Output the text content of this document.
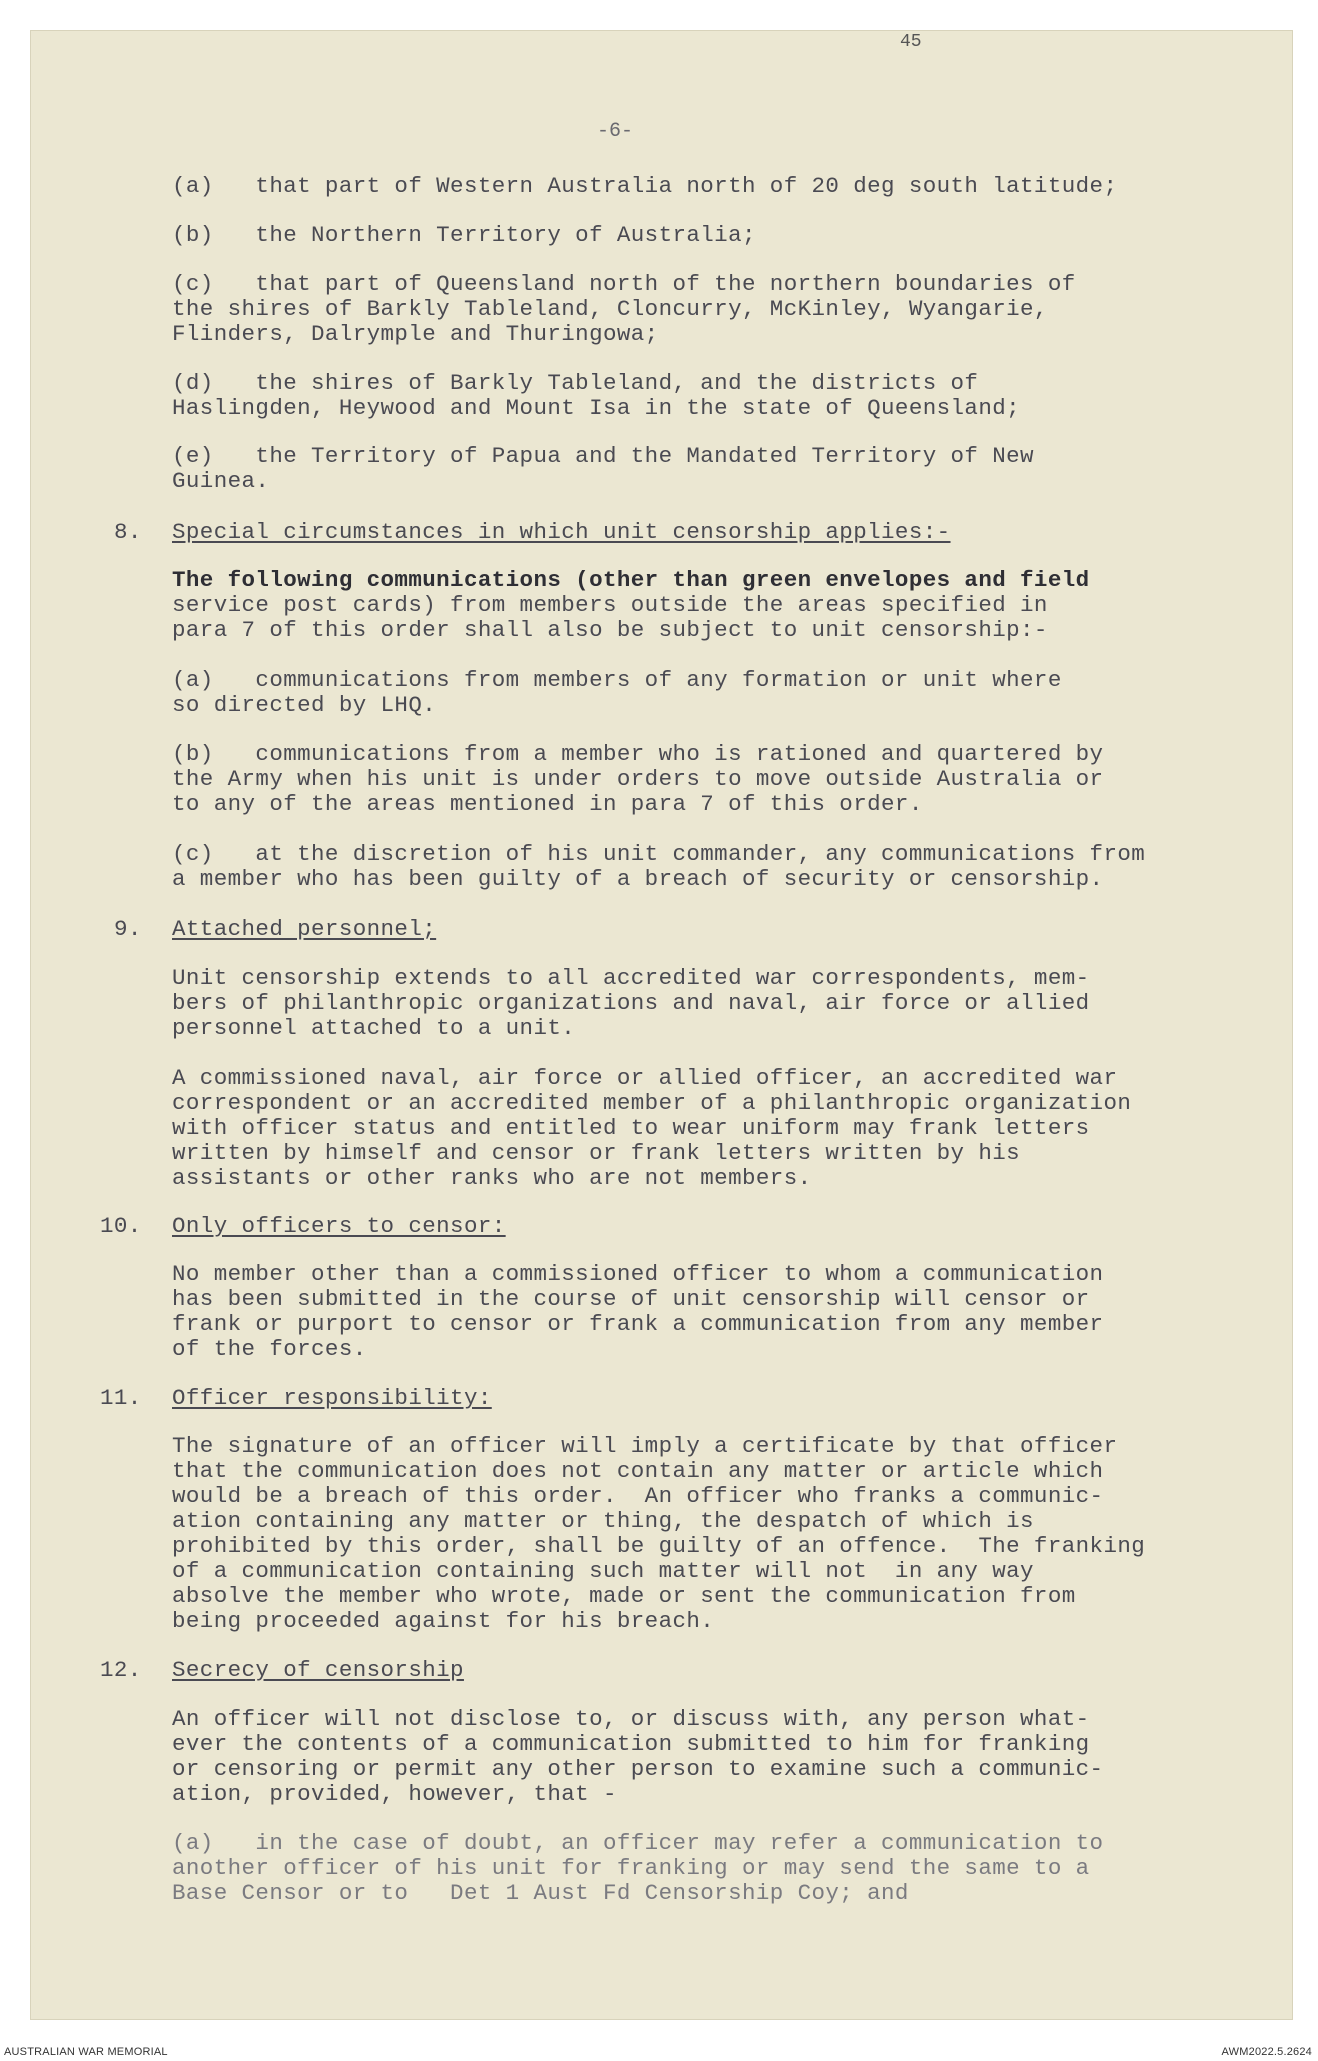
45
-6-
(a)   that part of Western Australia north of 20 deg south latitude;
(b)   the Northern Territory of Australia;
(c)   that part of Queensland north of the northern boundaries of
the shires of Barkly Tableland, Cloncurry, McKinley, Wyangarie,
Flinders, Dalrymple and Thuringowa;
(d)   the shires of Barkly Tableland, and the districts of
Haslingden, Heywood and Mount Isa in the state of Queensland;
(e)   the Territory of Papua and the Mandated Territory of New
Guinea.
8. Special circumstances in which unit censorship applies:-
The following communications (other than green envelopes and field
service post cards) from members outside the areas specified in
para 7 of this order shall also be subject to unit censorship:-
(a)   communications from members of any formation or unit where
so directed by LHQ.
(b)   communications from a member who is rationed and quartered by
the Army when his unit is under orders to move outside Australia or
to any of the areas mentioned in para 7 of this order.
(c)   at the discretion of his unit commander, any communications from
a member who has been guilty of a breach of security or censorship.
9. Attached personnel;
Unit censorship extends to all accredited war correspondents, mem-
bers of philanthropic organizations and naval, air force or allied
personnel attached to a unit.
A commissioned naval, air force or allied officer, an accredited war
correspondent or an accredited member of a philanthropic organization
with officer status and entitled to wear uniform may frank letters
written by himself and censor or frank letters written by his
assistants or other ranks who are not members.
10. Only officers to censor:
No member other than a commissioned officer to whom a communication
has been submitted in the course of unit censorship will censor or
frank or purport to censor or frank a communication from any member
of the forces.
11. Officer responsibility:
The signature of an officer will imply a certificate by that officer
that the communication does not contain any matter or article which
would be a breach of this order.  An officer who franks a communic-
ation containing any matter or thing, the despatch of which is
prohibited by this order, shall be guilty of an offence.  The franking
of a communication containing such matter will not  in any way
absolve the member who wrote, made or sent the communication from
being proceeded against for his breach.
12. Secrecy of censorship
An officer will not disclose to, or discuss with, any person what-
ever the contents of a communication submitted to him for franking
or censoring or permit any other person to examine such a communic-
ation, provided, however, that -
(a)   in the case of doubt, an officer may refer a communication to
another officer of his unit for franking or may send the same to a
Base Censor or to   Det 1 Aust Fd Censorship Coy; and
AUSTRALIAN WAR MEMORIAL	AWM2022.5.2624
